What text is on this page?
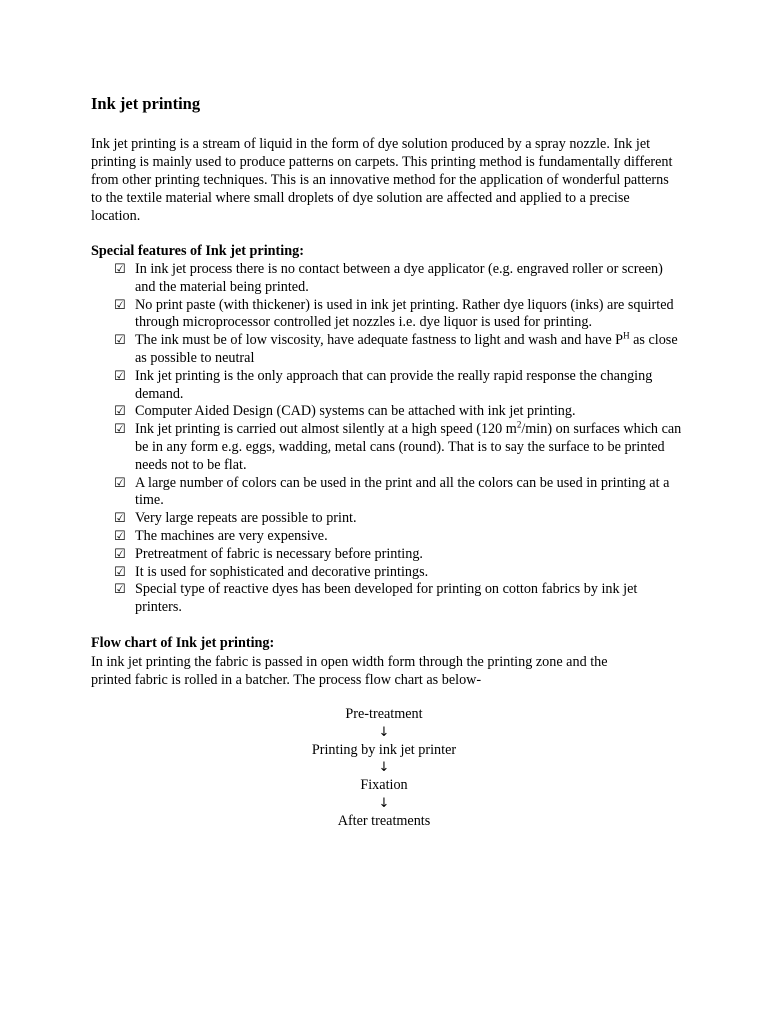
Ink jet printing

Ink jet printing is a stream of liquid in the form of dye solution produced by a spray nozzle. Ink jet printing is mainly used to produce patterns on carpets. This printing method is fundamentally different from other printing techniques. This is an innovative method for the application of wonderful patterns to the textile material where small droplets of dye solution are affected and applied to a precise location.

Special features of Ink jet printing:

☑ In ink jet process there is no contact between a dye applicator (e.g. engraved roller or screen) and the material being printed.
☑ No print paste (with thickener) is used in ink jet printing. Rather dye liquors (inks) are squirted through microprocessor controlled jet nozzles i.e. dye liquor is used for printing.
☑ The ink must be of low viscosity, have adequate fastness to light and wash and have $P^H$ as close as possible to neutral
☑ Ink jet printing is the only approach that can provide the really rapid response the changing demand.
☑ Computer Aided Design (CAD) systems can be attached with ink jet printing.
☑ Ink jet printing is carried out almost silently at a high speed (120 $m^2/\min$) on surfaces which can be in any form e.g. eggs, wadding, metal cans (round). That is to say the surface to be printed needs not to be flat.
☑ A large number of colors can be used in the print and all the colors can be used in printing at a time.
☑ Very large repeats are possible to print.
☑ The machines are very expensive.
☑ Pretreatment of fabric is necessary before printing.
☑ It is used for sophisticated and decorative printings.
☑ Special type of reactive dyes has been developed for printing on cotton fabrics by ink jet printers.

Flow chart of Ink jet printing:

In ink jet printing the fabric is passed in open width form through the printing zone and the printed fabric is rolled in a batcher. The process flow chart as below-

Pre-treatment
↓
Printing by ink jet printer
↓
Fixation
↓
After treatments
